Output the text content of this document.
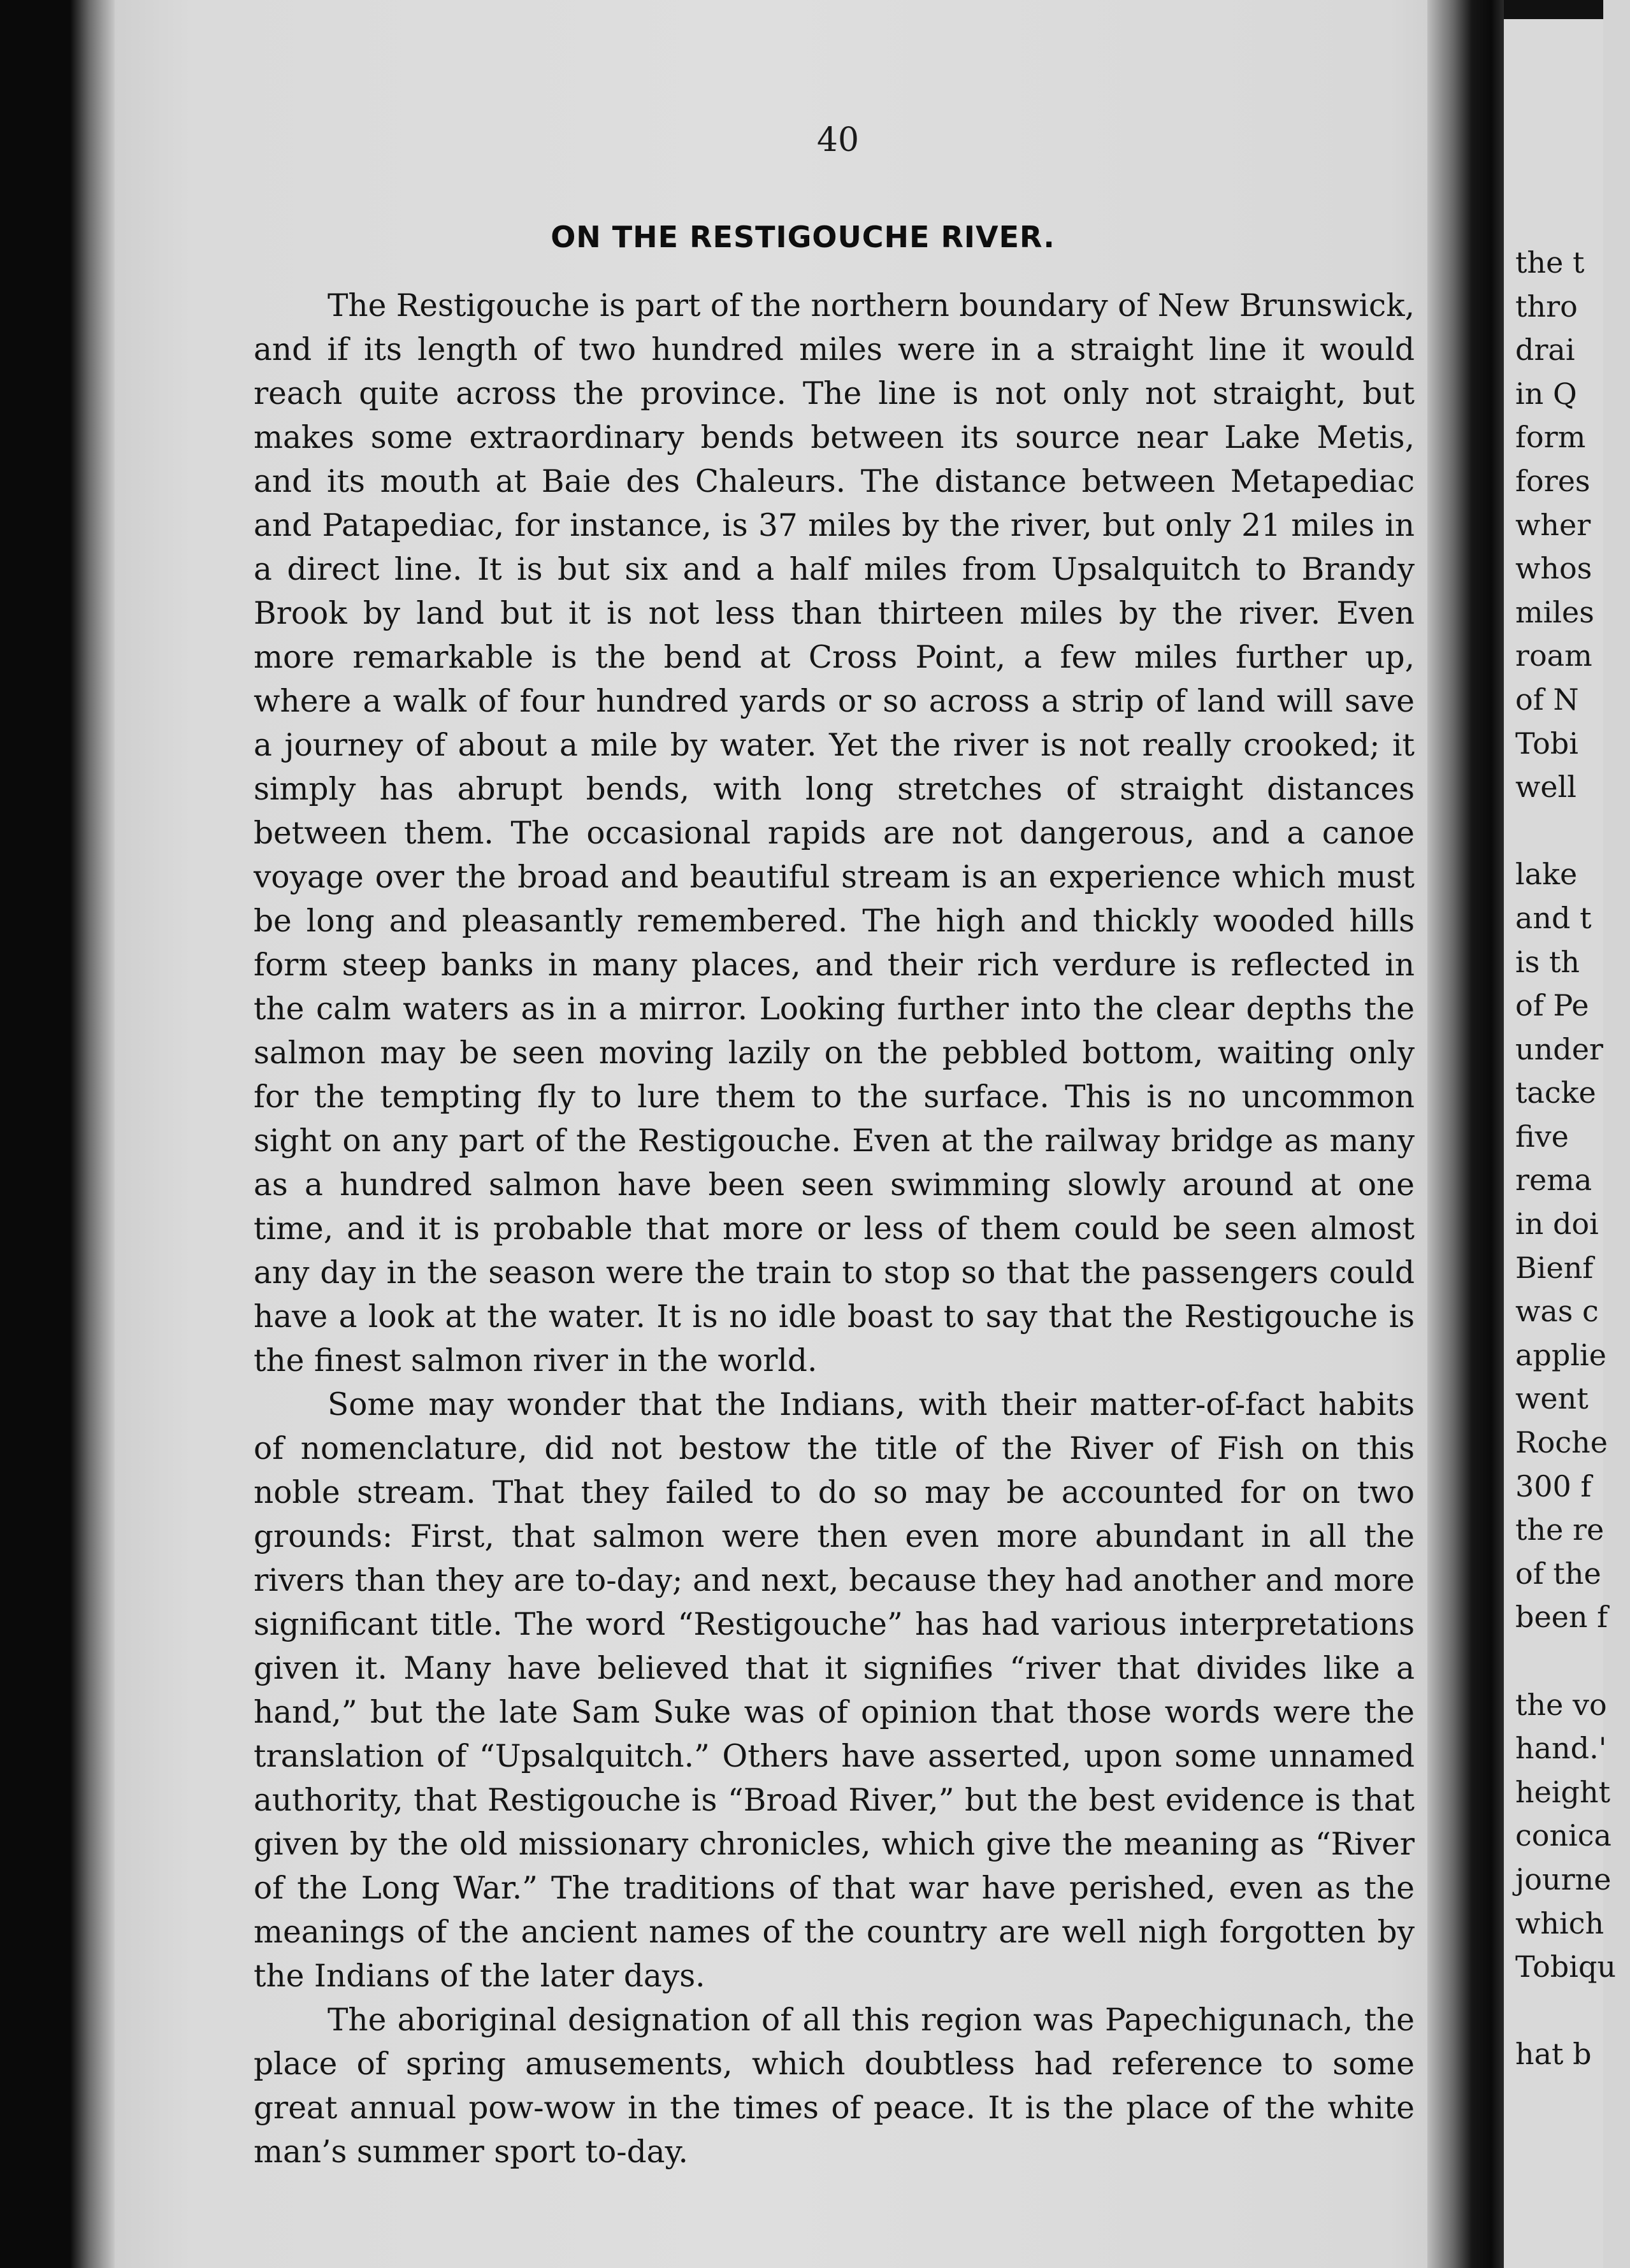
40
ON THE RESTIGOUCHE RIVER.

The Restigouche is part of the northern boundary of New Brunswick, and if its length of two hundred miles were in a straight line it would reach quite across the province. The line is not only not straight, but makes some extraordinary bends between its source near Lake Metis, and its mouth at Baie des Chaleurs. The distance between Metapediac and Patapediac, for instance, is 37 miles by the river, but only 21 miles in a direct line. It is but six and a half miles from Upsalquitch to Brandy Brook by land but it is not less than thirteen miles by the river. Even more remarkable is the bend at Cross Point, a few miles further up, where a walk of four hundred yards or so across a strip of land will save a journey of about a mile by water. Yet the river is not really crooked; it simply has abrupt bends, with long stretches of straight distances between them. The occasional rapids are not dangerous, and a canoe voyage over the broad and beautiful stream is an experience which must be long and pleasantly remembered. The high and thickly wooded hills form steep banks in many places, and their rich verdure is reflected in the calm waters as in a mirror. Looking further into the clear depths the salmon may be seen moving lazily on the pebbled bottom, waiting only for the tempting fly to lure them to the surface. This is no uncommon sight on any part of the Restigouche. Even at the railway bridge as many as a hundred salmon have been seen swimming slowly around at one time, and it is probable that more or less of them could be seen almost any day in the season were the train to stop so that the passengers could have a look at the water. It is no idle boast to say that the Restigouche is the finest salmon river in the world.

Some may wonder that the Indians, with their matter-of-fact habits of nomenclature, did not bestow the title of the River of Fish on this noble stream. That they failed to do so may be accounted for on two grounds: First, that salmon were then even more abundant in all the rivers than they are to-day; and next, because they had another and more significant title. The word “Restigouche” has had various interpretations given it. Many have believed that it signifies “river that divides like a hand,” but the late Sam Suke was of opinion that those words were the translation of “Upsalquitch.” Others have asserted, upon some unnamed authority, that Restigouche is “Broad River,” but the best evidence is that given by the old missionary chronicles, which give the meaning as “River of the Long War.” The traditions of that war have perished, even as the meanings of the ancient names of the country are well nigh forgotten by the Indians of the later days.

The aboriginal designation of all this region was Papechigunach, the place of spring amusements, which doubtless had reference to some great annual pow-wow in the times of peace. It is the place of the white man’s summer sport to-day.

the t
thro
drai
in Q
form
fores
wher
whos
miles
roam
of N
Tobi
well
lake
and t
is th
of Pe
under
tacke
five
rema
in doi
Bienf
was c
applie
went
Roche
300 f
the re
of the
been f
the vo
hand.'
height
conica
journe
which
Tobiqu
hat b
